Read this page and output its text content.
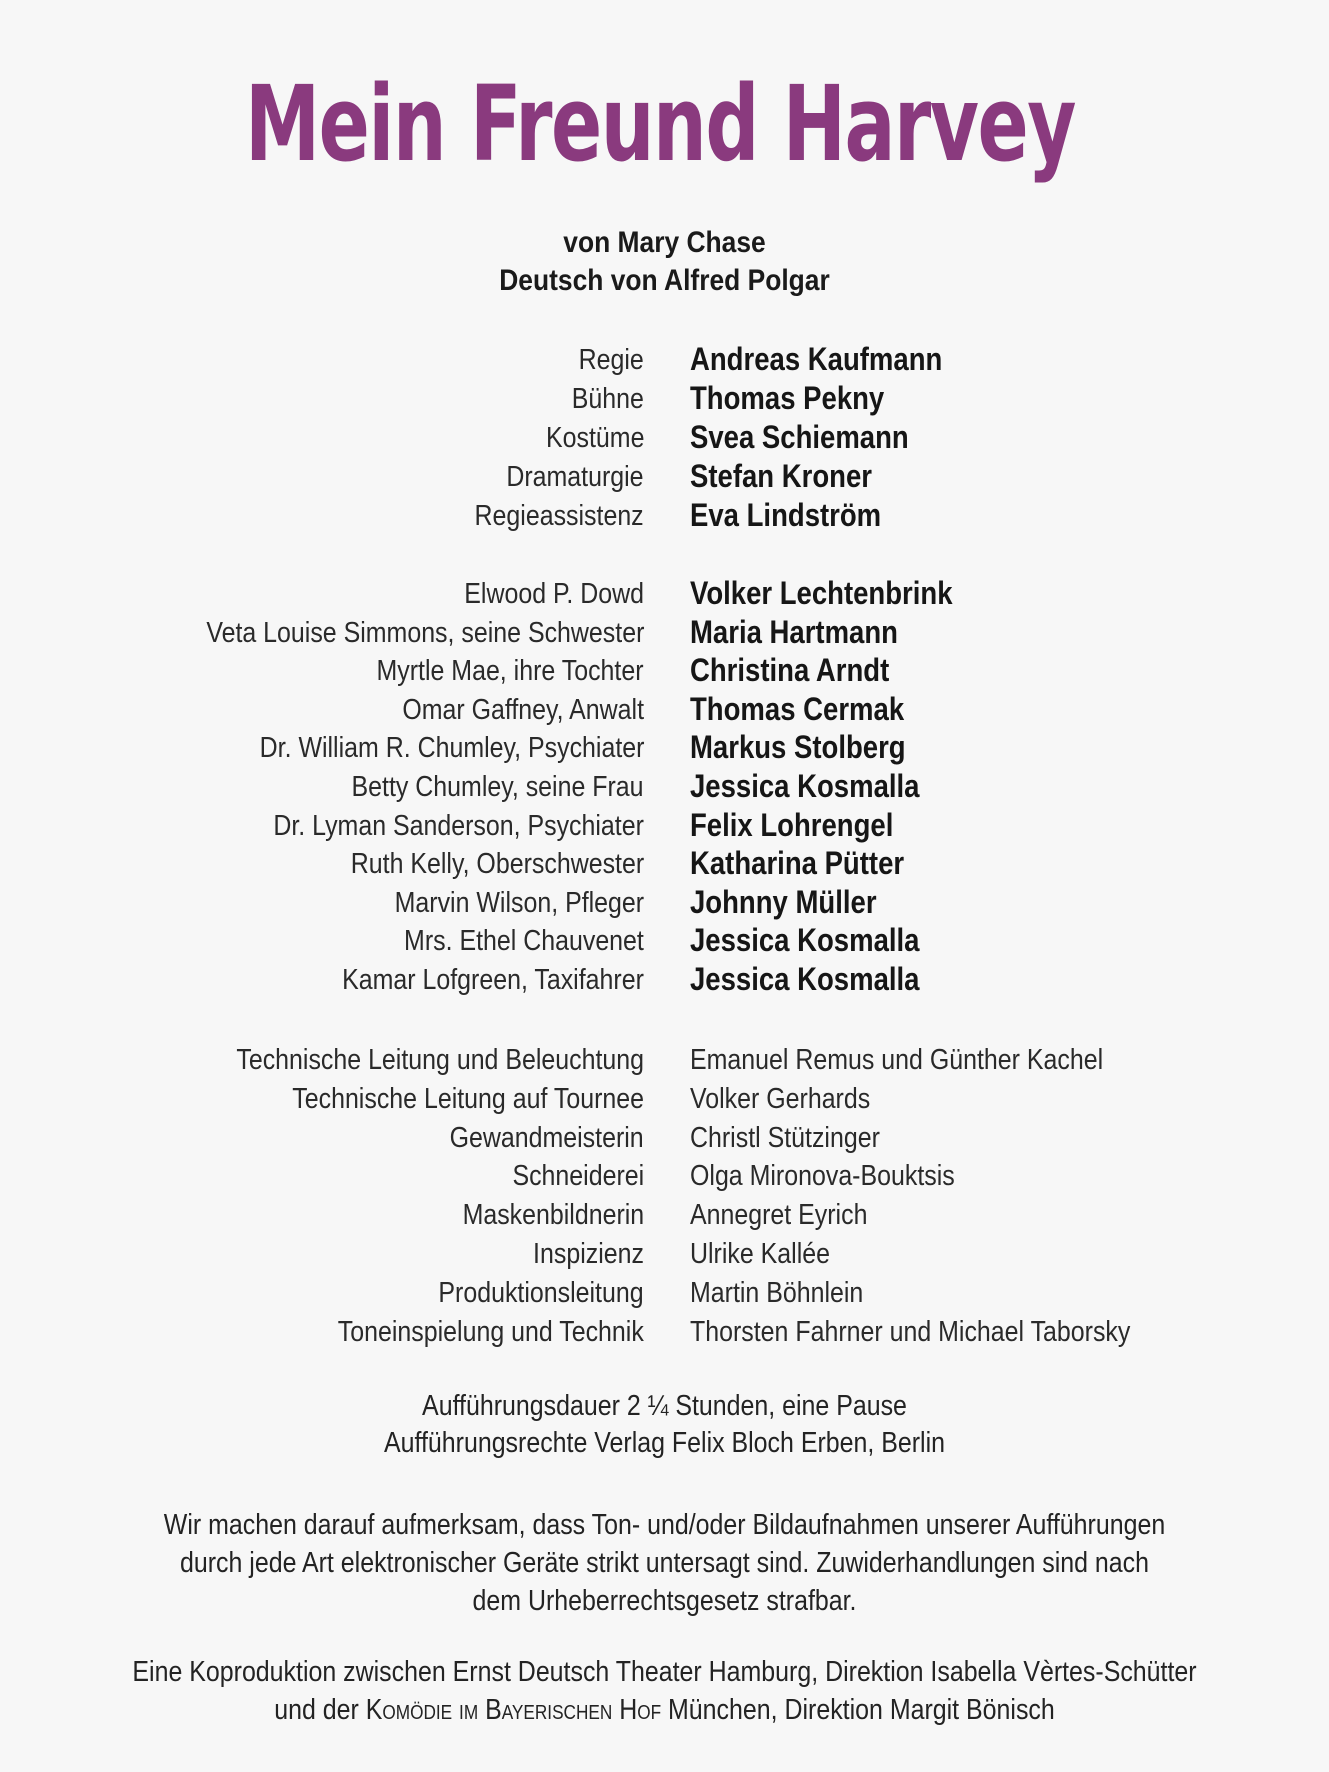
Mein Freund Harvey
von Mary Chase
Deutsch von Alfred Polgar
Regie Andreas Kaufmann
Bühne Thomas Pekny
Kostüme Svea Schiemann
Dramaturgie Stefan Kroner
Regieassistenz Eva Lindström
Elwood P. Dowd Volker Lechtenbrink
Veta Louise Simmons, seine Schwester Maria Hartmann
Myrtle Mae, ihre Tochter Christina Arndt
Omar Gaffney, Anwalt Thomas Cermak
Dr. William R. Chumley, Psychiater Markus Stolberg
Betty Chumley, seine Frau Jessica Kosmalla
Dr. Lyman Sanderson, Psychiater Felix Lohrengel
Ruth Kelly, Oberschwester Katharina Pütter
Marvin Wilson, Pfleger Johnny Müller
Mrs. Ethel Chauvenet Jessica Kosmalla
Kamar Lofgreen, Taxifahrer Jessica Kosmalla
Technische Leitung und Beleuchtung Emanuel Remus und Günther Kachel
Technische Leitung auf Tournee Volker Gerhards
Gewandmeisterin Christl Stützinger
Schneiderei Olga Mironova-Bouktsis
Maskenbildnerin Annegret Eyrich
Inspizienz Ulrike Kallée
Produktionsleitung Martin Böhnlein
Toneinspielung und Technik Thorsten Fahrner und Michael Taborsky
Aufführungsdauer 2 ¼ Stunden, eine Pause
Aufführungsrechte Verlag Felix Bloch Erben, Berlin
Wir machen darauf aufmerksam, dass Ton- und/oder Bildaufnahmen unserer Aufführungen
durch jede Art elektronischer Geräte strikt untersagt sind. Zuwiderhandlungen sind nach
dem Urheberrechtsgesetz strafbar.
Eine Koproduktion zwischen Ernst Deutsch Theater Hamburg, Direktion Isabella Vèrtes-Schütter
und der Komödie im Bayerischen Hof München, Direktion Margit Bönisch
